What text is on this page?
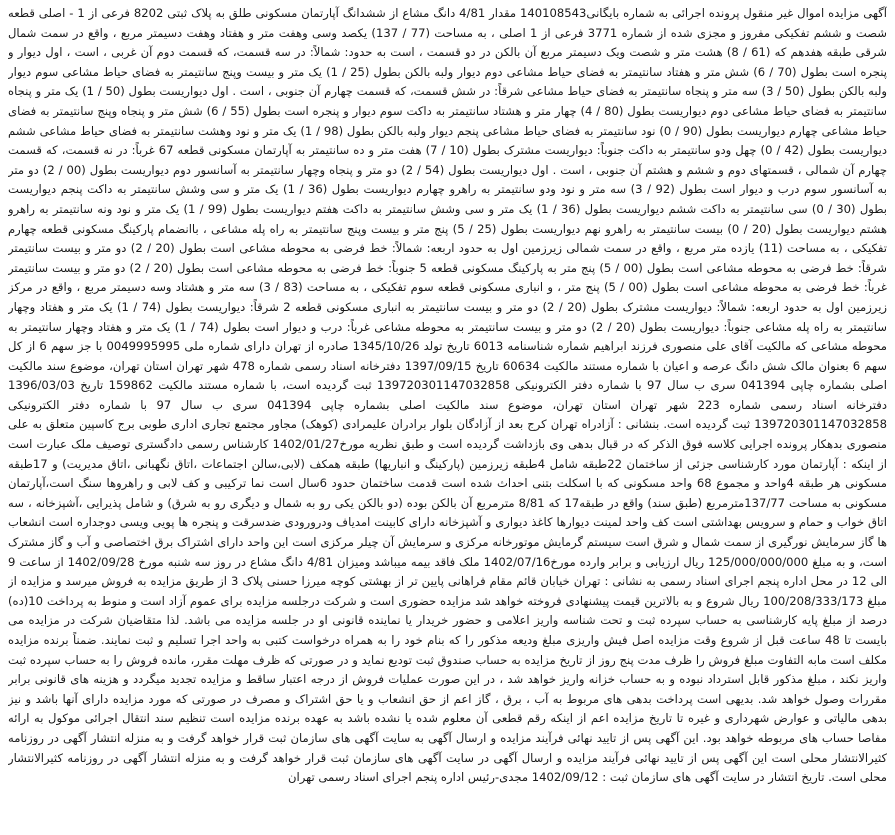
آگهی مزایده اموال غیر منقول پرونده اجرائی به شماره بایگانی140108543 مقدار 4/81 دانگ مشاع از ششدانگ آپارتمان مسکونی طلق به پلاک ثبتی 8202 فرعی از 1 - اصلی قطعه شصت و ششم تفکیکی مفروز و مجزی شده از شماره 3771 فرعی از 1 اصلی ، به مساحت (77 / 137) یکصد وسی وهفت متر و هفتاد وهفت دسیمتر مربع ، واقع در سمت شمال شرقی طبقه هفدهم که (61 / 8) هشت متر و شصت ویک دسیمتر مربع آن بالکن در دو قسمت ، است به حدود: شمالاً: در سه قسمت، که قسمت دوم آن غربی ، است ، اول دیوار و پنجره است بطول (70 / 6) شش متر و هفتاد سانتیمتر به فضای حیاط مشاعی دوم دیوار ولبه بالکن بطول (25 / 1) یک متر و بیست وپنج سانتیمتر به فضای حیاط مشاعی سوم دیوار ولبه بالکن بطول (50 / 3) سه متر و پنجاه سانتیمتر به فضای حیاط مشاعی شرقاً: در شش قسمت، که قسمت چهارم آن جنوبی ، است . اول دیواریست بطول (50 / 1) یک متر و پنجاه سانتیمتر به فضای حیاط مشاعی دوم دیواریست بطول (80 / 4) چهار متر و هشتاد سانتیمتر به داکت سوم دیوار و پنجره است بطول (55 / 6) شش متر و پنجاه وپنج سانتیمتر به فضای حیاط مشاعی چهارم دیواریست بطول (90 / 0) نود سانتیمتر به فضای حیاط مشاعی پنجم دیوار ولبه بالکن بطول (98 / 1) یک متر و نود وهشت سانتیمتر به فضای حیاط مشاعی ششم دیواریست بطول (42 / 0) چهل ودو سانتیمتر به داکت جنوباً: دیواریست مشترک بطول (10 / 7) هفت متر و ده سانتیمتر به آپارتمان مسکونی قطعه 67 غرباً: در نه قسمت، که قسمت چهارم آن شمالی ، قسمتهای دوم و ششم و هشتم آن جنوبی ، است . اول دیواریست بطول (54 / 2) دو متر و پنجاه وچهار سانتیمتر به آسانسور دوم دیواریست بطول (00 / 2) دو متر به آسانسور سوم درب و دیوار است بطول (92 / 3) سه متر و نود ودو سانتیمتر به راهرو چهارم دیواریست بطول (36 / 1) یک متر و سی وشش سانتیمتر به داکت پنجم دیواریست بطول (30 / 0) سی سانتیمتر به داکت ششم دیواریست بطول (36 / 1) یک متر و سی وشش سانتیمتر به داکت هفتم دیواریست بطول (99 / 1) یک متر و نود ونه سانتیمتر به راهرو هشتم دیواریست بطول (20 / 0) بیست سانتیمتر به راهرو نهم دیواریست بطول (25 / 5) پنج متر و بیست وپنج سانتیمتر به راه پله مشاعی ، باانضمام پارکینگ مسکونی قطعه چهارم تفکیکی ، به مساحت (11) یازده متر مربع ، واقع در سمت شمالی زیرزمین اول به حدود اربعه: شمالاً: خط فرضی به محوطه مشاعی است بطول (20 / 2) دو متر و بیست سانتیمتر شرقاً: خط فرضی به محوطه مشاعی است بطول (00 / 5) پنج متر به پارکینگ مسکونی قطعه 5 جنوباً: خط فرضی به محوطه مشاعی است بطول (20 / 2) دو متر و بیست سانتیمتر غرباً: خط فرضی به محوطه مشاعی است بطول (00 / 5) پنج متر ، و انباری مسکونی قطعه سوم تفکیکی ، به مساحت (83 / 3) سه متر و هشتاد وسه دسیمتر مربع ، واقع در مرکز زیرزمین اول به حدود اربعه: شمالاً: دیواریست مشترک بطول (20 / 2) دو متر و بیست سانتیمتر به انباری مسکونی قطعه 2 شرقاً: دیواریست بطول (74 / 1) یک متر و هفتاد وچهار سانتیمتر به راه پله مشاعی جنوباً: دیواریست بطول (20 / 2) دو متر و بیست سانتیمتر به محوطه مشاعی غرباً: درب و دیوار است بطول (74 / 1) یک متر و هفتاد وچهار سانتیمتر به محوطه مشاعی که مالکیت آقای علی منصوری فرزند ابراهیم شماره شناسنامه 6013 تاریخ تولد 1345/10/26 صادره از تهران دارای شماره ملی 0049995995 با جز سهم 6 از کل سهم 6 بعنوان مالک شش دانگ عرصه و اعیان با شماره مستند مالکیت 60634 تاریخ 1397/09/15 دفترخانه اسناد رسمی شماره 478 شهر تهران استان تهران، موضوع سند مالکیت اصلی بشماره چاپی 041394 سری ب سال 97 با شماره دفتر الکترونیکی 139720301147032858 ثبت گردیده است، با شماره مستند مالکیت 159862 تاریخ 1396/03/03 دفترخانه اسناد رسمی شماره 223 شهر تهران استان تهران، موضوع سند مالکیت اصلی بشماره چاپی 041394 سری ب سال 97 با شماره دفتر الکترونیکی 139720301147032858 ثبت گردیده است. بنشانی : آزادراه تهران کرج بعد از آزادگان بلوار برادران علیمرادی (کوهک) مجاور مجتمع تجاری اداری طوبی برج کاسپین متعلق به علی منصوری بدهکار پرونده اجرایی کلاسه فوق الذکر که در قبال بدهی وی بازداشت گردیده است و طبق نظریه مورخ1402/01/27 کارشناس رسمی دادگستری توصیف ملک عبارت است از اینکه : آپارتمان مورد کارشناسی جزئی از ساختمان 22طبقه شامل 4طبقه زیرزمین (پارکینگ و انباریها) طبقه همکف (لابی،سالن اجتماعات ،اتاق نگهبانی ،اتاق مدیریت) و 17طبقه مسکونی هر طبقه 4واحد و مجموع 68 واحد مسکونی که با اسکلت بتنی احداث شده است قدمت ساختمان حدود 6سال است نما ترکیبی و کف لابی و راهروها سنگ است،آپارتمان مسکونی به مساحت 137/77مترمربع (طبق سند) واقع در طبقه17 که 8/81 مترمربع آن بالکن بوده (دو بالکن یکی رو به شمال و دیگری رو به شرق) و شامل پذیرایی ،آشپزخانه ، سه اتاق خواب و حمام و سرویس بهداشتی است کف واحد لمینت دیوارها کاغذ دیواری و آشپزخانه دارای کابینت امدیاف ودرورودی ضدسرقت و پنجره ها پویی ویسی دوجداره است انشعاب ها گاز سرمایش نورگیری از سمت شمال و شرق است سیستم گرمایش موتورخانه مرکزی و سرمایش آن چیلر مرکزی است این واحد دارای اشتراک برق اختصاصی و آب و گاز مشترک است، و به مبلغ 125/000/000/000 ریال ارزیابی و برابر وارده مورخ1402/07/16 ملک فاقد بیمه میباشد ومیزان 4/81 دانگ مشاع در روز سه شنبه مورخ 1402/09/28 از ساعت 9 الی 12 در محل اداره پنجم اجرای اسناد رسمی به نشانی : تهران خیابان قائم مقام فراهانی پایین تر از بهشتی کوچه میرزا حسنی پلاک 3 از طریق مزایده به فروش میرسد و مزایده از مبلغ 100/208/333/173 ریال شروع و به بالاترین قیمت پیشنهادی فروخته خواهد شد مزایده حضوری است و شرکت درجلسه مزایده برای عموم آزاد است و منوط به پرداخت 10(ده) درصد از مبلغ پایه کارشناسی به حساب سپرده ثبت و تحت شناسه واریز اعلامی و حضور خریدار یا نماینده قانونی او در جلسه مزایده می باشد. لذا متقاضیان شرکت در مزایده می بایست تا 48 ساعت قبل از شروع وقت مزایده اصل فیش واریزی مبلغ ودیعه مذکور را که بنام خود را به همراه درخواست کتبی به واحد اجرا تسلیم و ثبت نمایند. ضمناً برنده مزایده مکلف است مابه التفاوت مبلغ فروش را ظرف مدت پنج روز از تاریخ مزایده به حساب صندوق ثبت تودیع نماید و در صورتی که ظرف مهلت مقرر، مانده فروش را به حساب سپرده ثبت واریز نکند ، مبلغ مذکور قابل استرداد نبوده و به حساب خزانه واریز خواهد شد ، در این صورت عملیات فروش از درجه اعتبار ساقط و مزایده تجدید میگردد و هزینه های قانونی برابر مقررات وصول خواهد شد. بدیهی است پرداخت بدهی های مربوط به آب ، برق ، گاز اعم از حق انشعاب و یا حق اشتراک و مصرف در صورتی که مورد مزایده دارای آنها باشد و نیز بدهی مالیاتی و عوارض شهرداری و غیره تا تاریخ مزایده اعم از اینکه رقم قطعی آن معلوم شده یا نشده باشد به عهده برنده مزایده است تنظیم سند انتقال اجرائی موکول به ارائه مفاصا حساب های مربوطه خواهد بود. این آگهی پس از تایید نهائی فرآیند مزایده و ارسال آگهی به سایت آگهی های سازمان ثبت قرار خواهد گرفت و به منزله انتشار آگهی در روزنامه کثیرالانتشار محلی است این آگهی پس از تایید نهائی فرآیند مزایده و ارسال آگهی در سایت آگهی های سازمان ثبت قرار خواهد گرفت و به منزله انتشار آگهی در روزنامه کثیرالانتشار محلی است. تاریخ انتشار در سایت آگهی های سازمان ثبت : 1402/09/12 مجدی-رئیس اداره پنجم اجرای اسناد رسمی تهران
